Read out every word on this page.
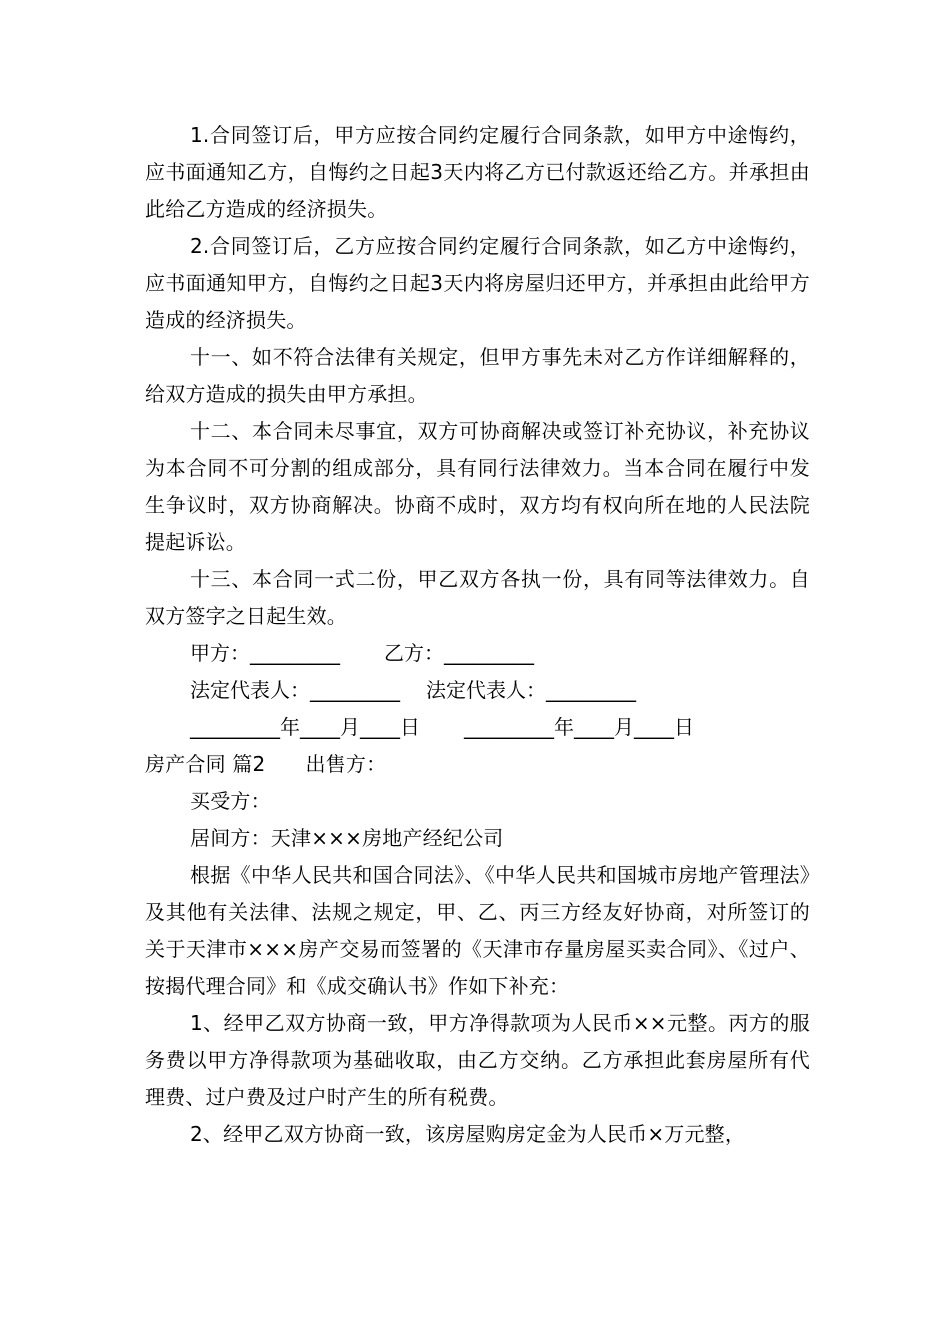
1.合同签订后，甲方应按合同约定履行合同条款，如甲方中途悔约，应书面通知乙方，自悔约之日起3天内将乙方已付款返还给乙方。并承担由此给乙方造成的经济损失。

2.合同签订后，乙方应按合同约定履行合同条款，如乙方中途悔约，应书面通知甲方，自悔约之日起3天内将房屋归还甲方，并承担由此给甲方造成的经济损失。

十一、如不符合法律有关规定，但甲方事先未对乙方作详细解释的，给双方造成的损失由甲方承担。

十二、本合同未尽事宜，双方可协商解决或签订补充协议，补充协议为本合同不可分割的组成部分，具有同行法律效力。当本合同在履行中发生争议时，双方协商解决。协商不成时，双方均有权向所在地的人民法院提起诉讼。

十三、本合同一式二份，甲乙双方各执一份，具有同等法律效力。自双方签字之日起生效。

甲方：_________ 乙方：_________

法定代表人：_________ 法定代表人：_________

_________年____月____日 _________年____月____日

房产合同 篇2 出售方：

买受方：

居间方：天津×××房地产经纪公司

根据《中华人民共和国合同法》、《中华人民共和国城市房地产管理法》及其他有关法律、法规之规定，甲、乙、丙三方经友好协商，对所签订的关于天津市×××房产交易而签署的《天津市存量房屋买卖合同》、《过户、按揭代理合同》和《成交确认书》作如下补充：

1、经甲乙双方协商一致，甲方净得款项为人民币××元整。丙方的服务费以甲方净得款项为基础收取，由乙方交纳。乙方承担此套房屋所有代理费、过户费及过户时产生的所有税费。

2、经甲乙双方协商一致，该房屋购房定金为人民币×万元整，
